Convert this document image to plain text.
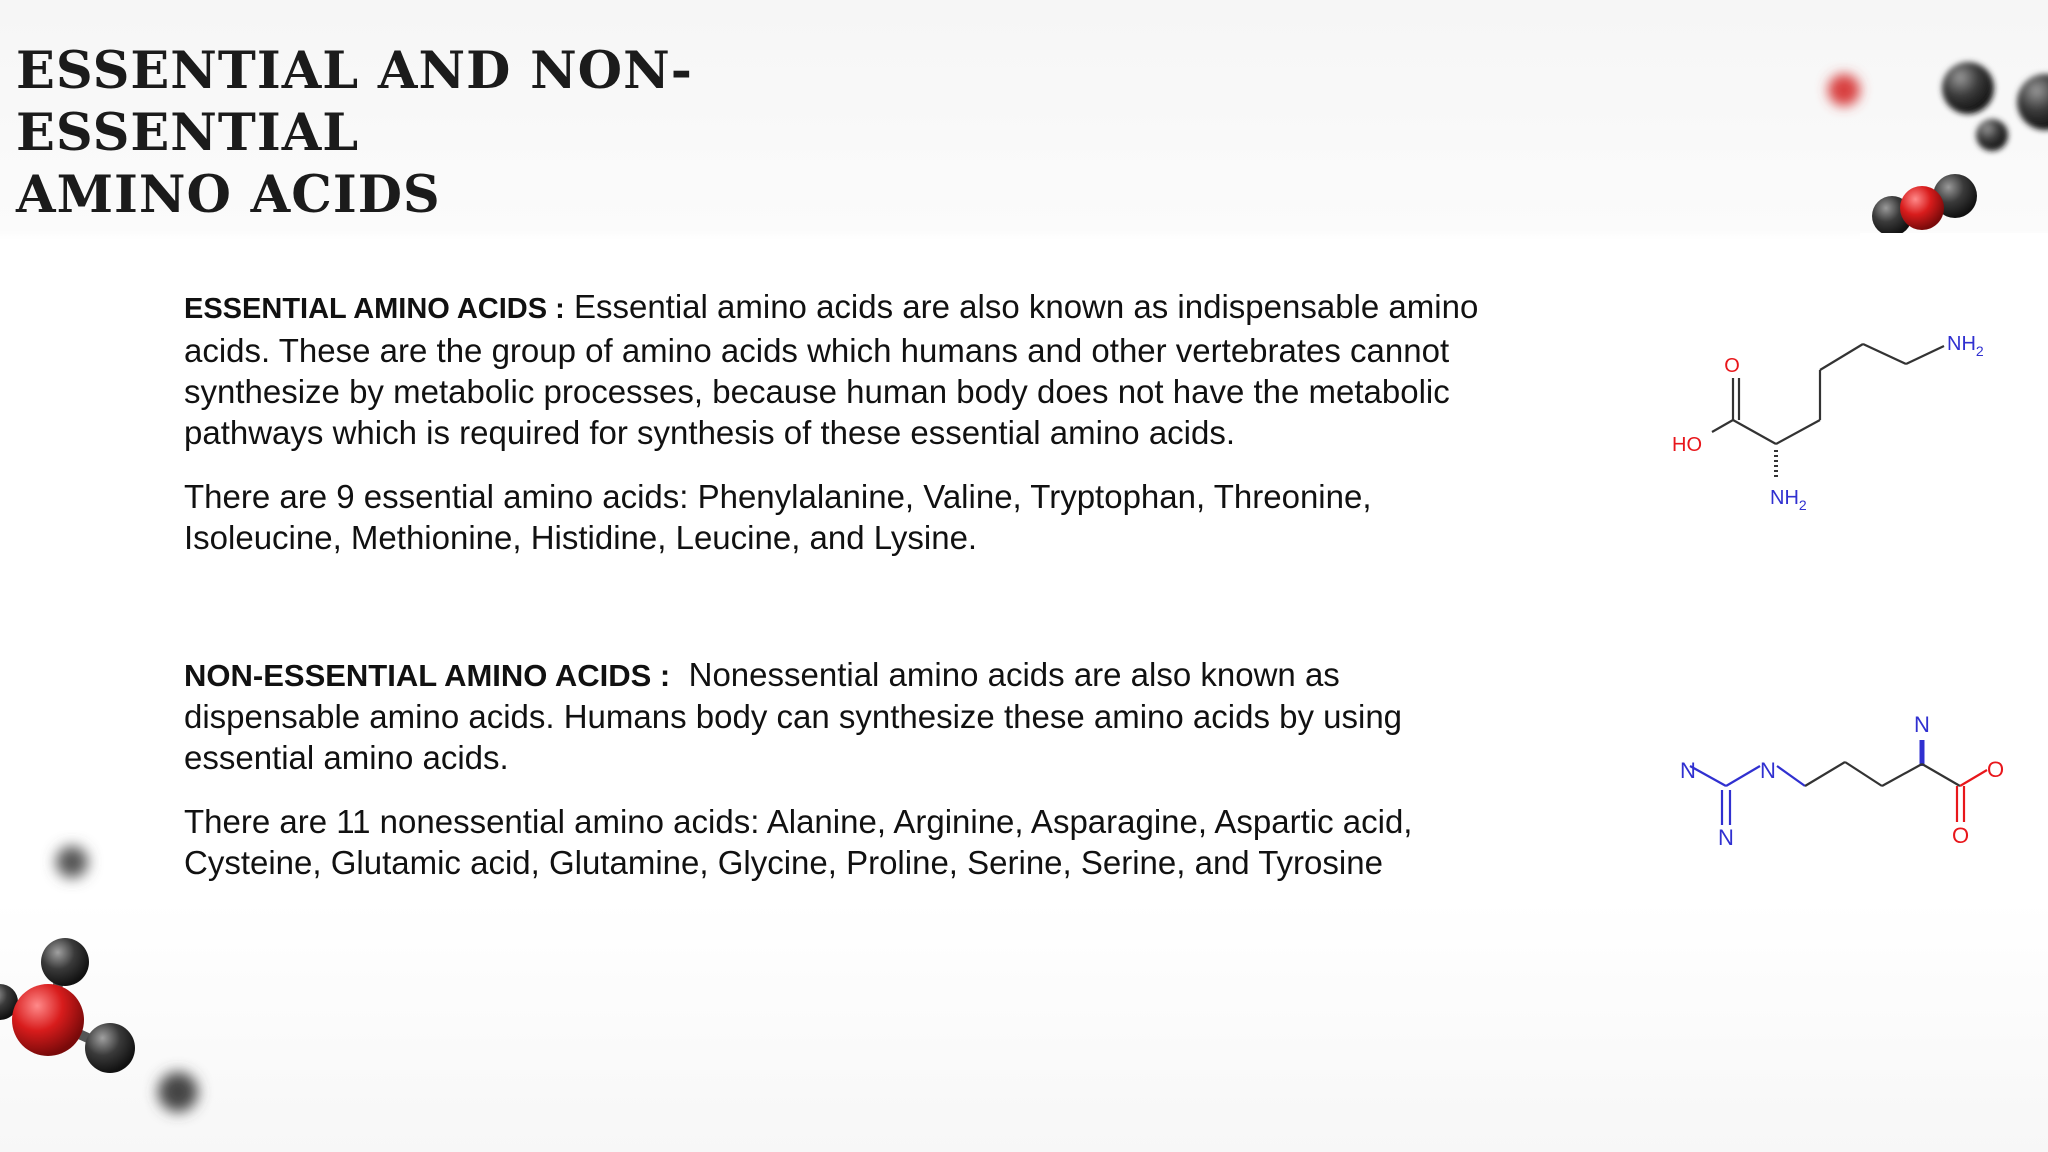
ESSENTIAL AND NON-ESSENTIAL
AMINO ACIDS
ESSENTIAL AMINO ACIDS : Essential amino acids are also known as indispensable amino
acids. These are the group of amino acids which humans and other vertebrates cannot
synthesize by metabolic processes, because human body does not have the metabolic
pathways which is required for synthesis of these essential amino acids.
There are 9 essential amino acids: Phenylalanine, Valine, Tryptophan, Threonine,
Isoleucine, Methionine, Histidine, Leucine, and Lysine.
NON-ESSENTIAL AMINO ACIDS : Nonessential amino acids are also known as
dispensable amino acids. Humans body can synthesize these amino acids by using
essential amino acids.
There are 11 nonessential amino acids: Alanine, Arginine, Asparagine, Aspartic acid,
Cysteine, Glutamic acid, Glutamine, Glycine, Proline, Serine, Serine, and Tyrosine
O
HO
$NH_2$
$NH_2$
N	N
N
N
O
O
